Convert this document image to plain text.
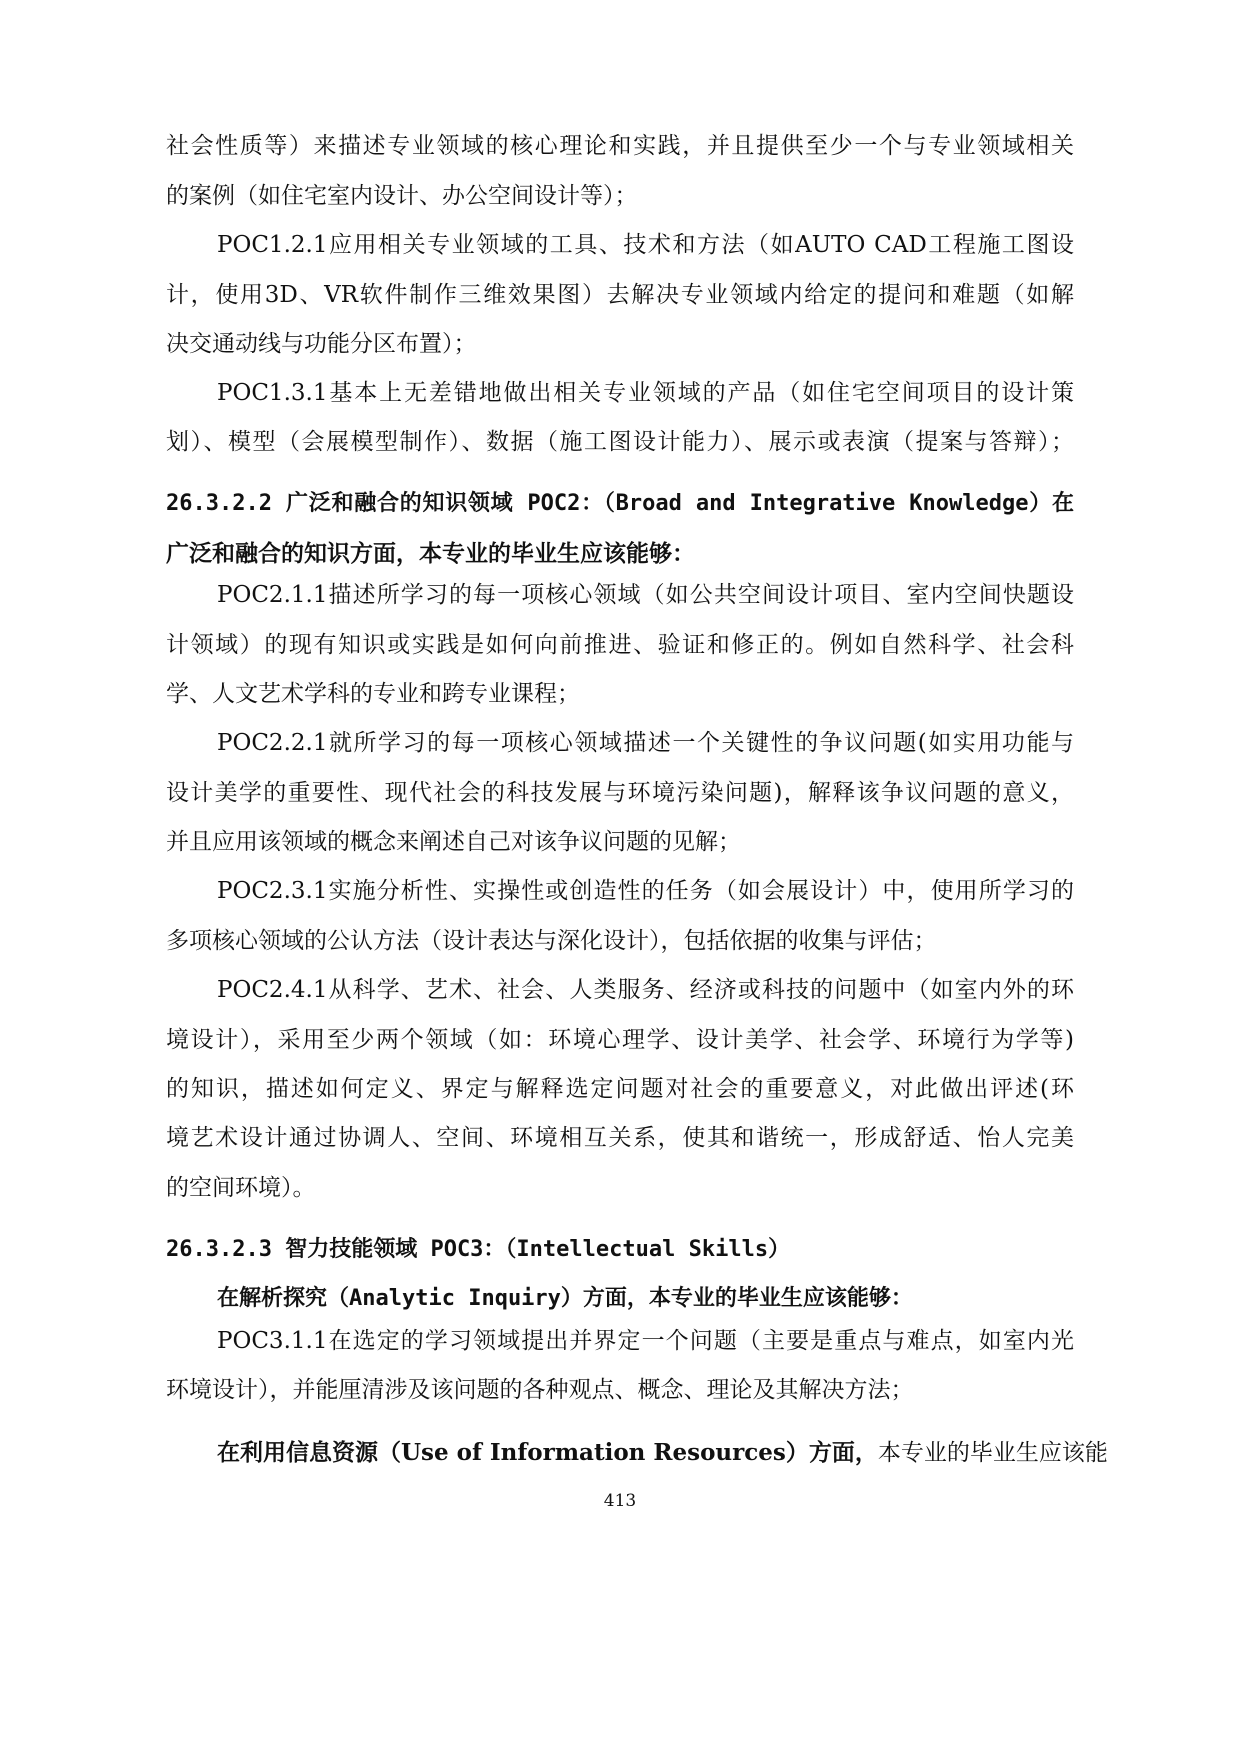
社会性质等）来描述专业领域的核心理论和实践，并且提供至少一个与专业领域相关
的案例（如住宅室内设计、办公空间设计等）；
POC1.2.1应用相关专业领域的工具、技术和方法（如AUTO CAD工程施工图设
计，使用3D、VR软件制作三维效果图）去解决专业领域内给定的提问和难题（如解
决交通动线与功能分区布置）；
POC1.3.1基本上无差错地做出相关专业领域的产品（如住宅空间项目的设计策
划）、模型（会展模型制作）、数据（施工图设计能力）、展示或表演（提案与答辩）；
26.3.2.2 广泛和融合的知识领域 POC2：（Broad and Integrative Knowledge）在
广泛和融合的知识方面，本专业的毕业生应该能够：
POC2.1.1描述所学习的每一项核心领域（如公共空间设计项目、室内空间快题设
计领域）的现有知识或实践是如何向前推进、验证和修正的。例如自然科学、社会科
学、人文艺术学科的专业和跨专业课程；
POC2.2.1就所学习的每一项核心领域描述一个关键性的争议问题(如实用功能与
设计美学的重要性、现代社会的科技发展与环境污染问题)，解释该争议问题的意义，
并且应用该领域的概念来阐述自己对该争议问题的见解；
POC2.3.1实施分析性、实操性或创造性的任务（如会展设计）中，使用所学习的
多项核心领域的公认方法（设计表达与深化设计），包括依据的收集与评估；
POC2.4.1从科学、艺术、社会、人类服务、经济或科技的问题中（如室内外的环
境设计），采用至少两个领域（如：环境心理学、设计美学、社会学、环境行为学等)
的知识，描述如何定义、界定与解释选定问题对社会的重要意义，对此做出评述(环
境艺术设计通过协调人、空间、环境相互关系，使其和谐统一，形成舒适、怡人完美
的空间环境）。
26.3.2.3 智力技能领域 POC3：（Intellectual Skills）
在解析探究（Analytic Inquiry）方面，本专业的毕业生应该能够：
POC3.1.1在选定的学习领域提出并界定一个问题（主要是重点与难点，如室内光
环境设计），并能厘清涉及该问题的各种观点、概念、理论及其解决方法；
在利用信息资源（Use of Information Resources）方面，本专业的毕业生应该能
413
